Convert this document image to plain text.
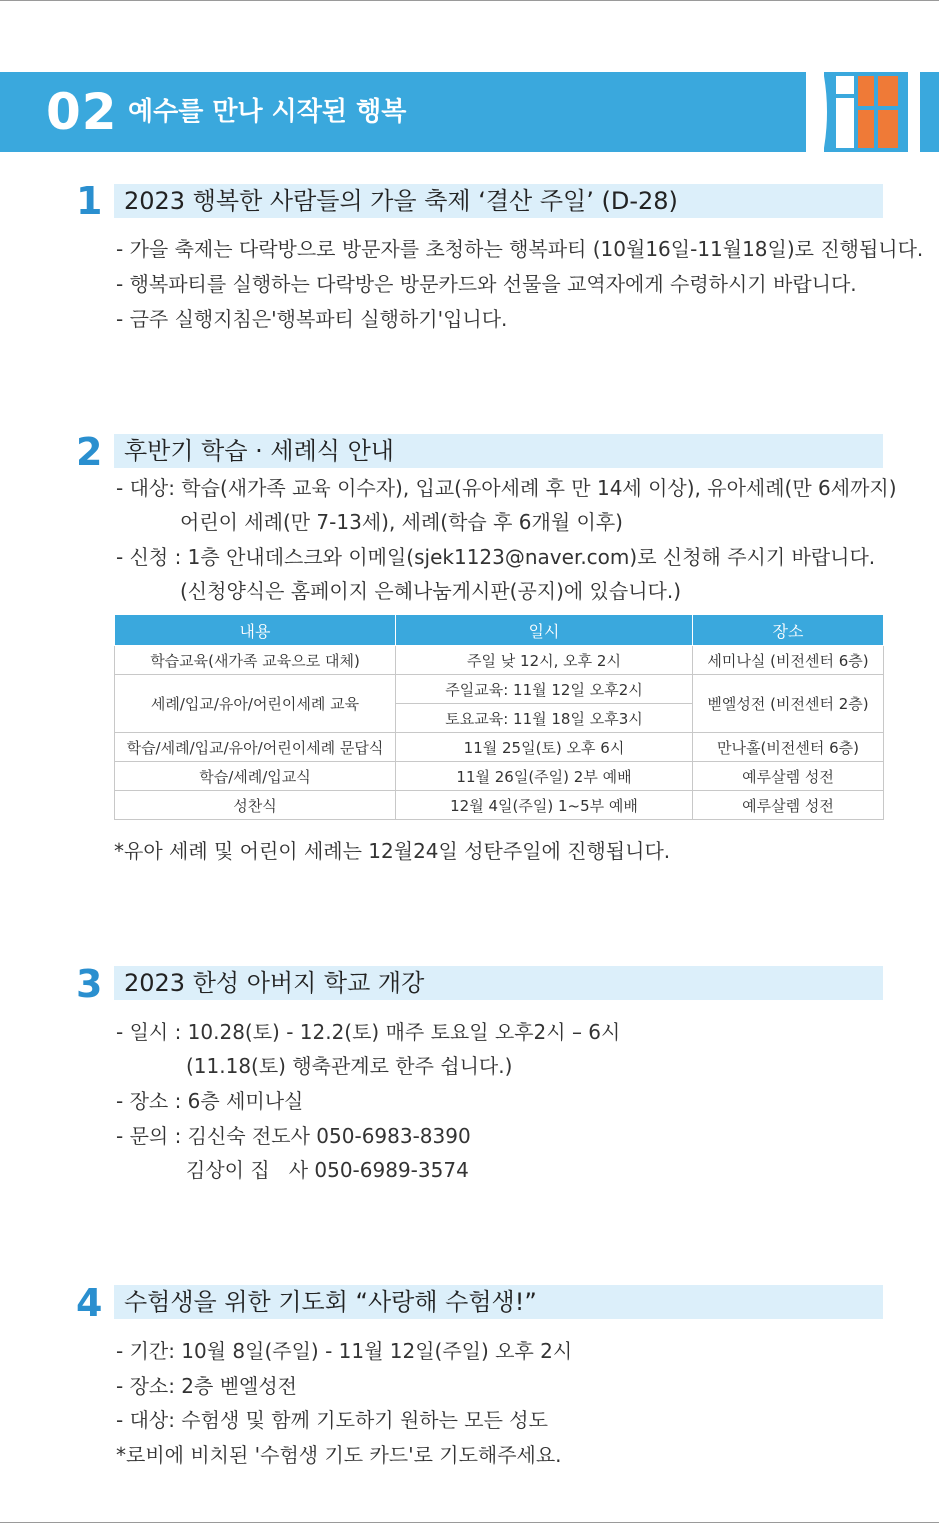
02 예수를 만나 시작된 행복
1 2023 행복한 사람들의 가을 축제 ‘결산 주일’ (D-28)
- 가을 축제는 다락방으로 방문자를 초청하는 행복파티 (10월16일-11월18일)로 진행됩니다.
- 행복파티를 실행하는 다락방은 방문카드와 선물을 교역자에게 수령하시기 바랍니다.
- 금주 실행지침은'행복파티 실행하기'입니다.
2 후반기 학습 · 세례식 안내
- 대상: 학습(새가족 교육 이수자), 입교(유아세례 후 만 14세 이상), 유아세례(만 6세까지)
어린이 세례(만 7-13세), 세례(학습 후 6개월 이후)
- 신청 : 1층 안내데스크와 이메일(sjek1123@naver.com)로 신청해 주시기 바랍니다.
(신청양식은 홈페이지 은혜나눔게시판(공지)에 있습니다.)
내용	일시	장소
학습교육(새가족 교육으로 대체)	주일 낮 12시, 오후 2시	세미나실 (비전센터 6층)
세례/입교/유아/어린이세례 교육	주일교육: 11월 12일 오후2시	벧엘성전 (비전센터 2층)
	토요교육: 11월 18일 오후3시	
학습/세례/입교/유아/어린이세례 문답식	11월 25일(토) 오후 6시	만나홀(비전센터 6층)
학습/세례/입교식	11월 26일(주일) 2부 예배	예루살렘 성전
성찬식	12월 4일(주일) 1~5부 예배	예루살렘 성전
*유아 세례 및 어린이 세례는 12월24일 성탄주일에 진행됩니다.
3 2023 한성 아버지 학교 개강
- 일시 : 10.28(토) - 12.2(토) 매주 토요일 오후2시 – 6시
(11.18(토) 행축관계로 한주 쉽니다.)
- 장소 : 6층 세미나실
- 문의 : 김신숙 전도사 050-6983-8390
김상이 집   사 050-6989-3574
4 수험생을 위한 기도회 “사랑해 수험생!”
- 기간: 10월 8일(주일) - 11월 12일(주일) 오후 2시
- 장소: 2층 벧엘성전
- 대상: 수험생 및 함께 기도하기 원하는 모든 성도
*로비에 비치된 '수험생 기도 카드'로 기도해주세요.
